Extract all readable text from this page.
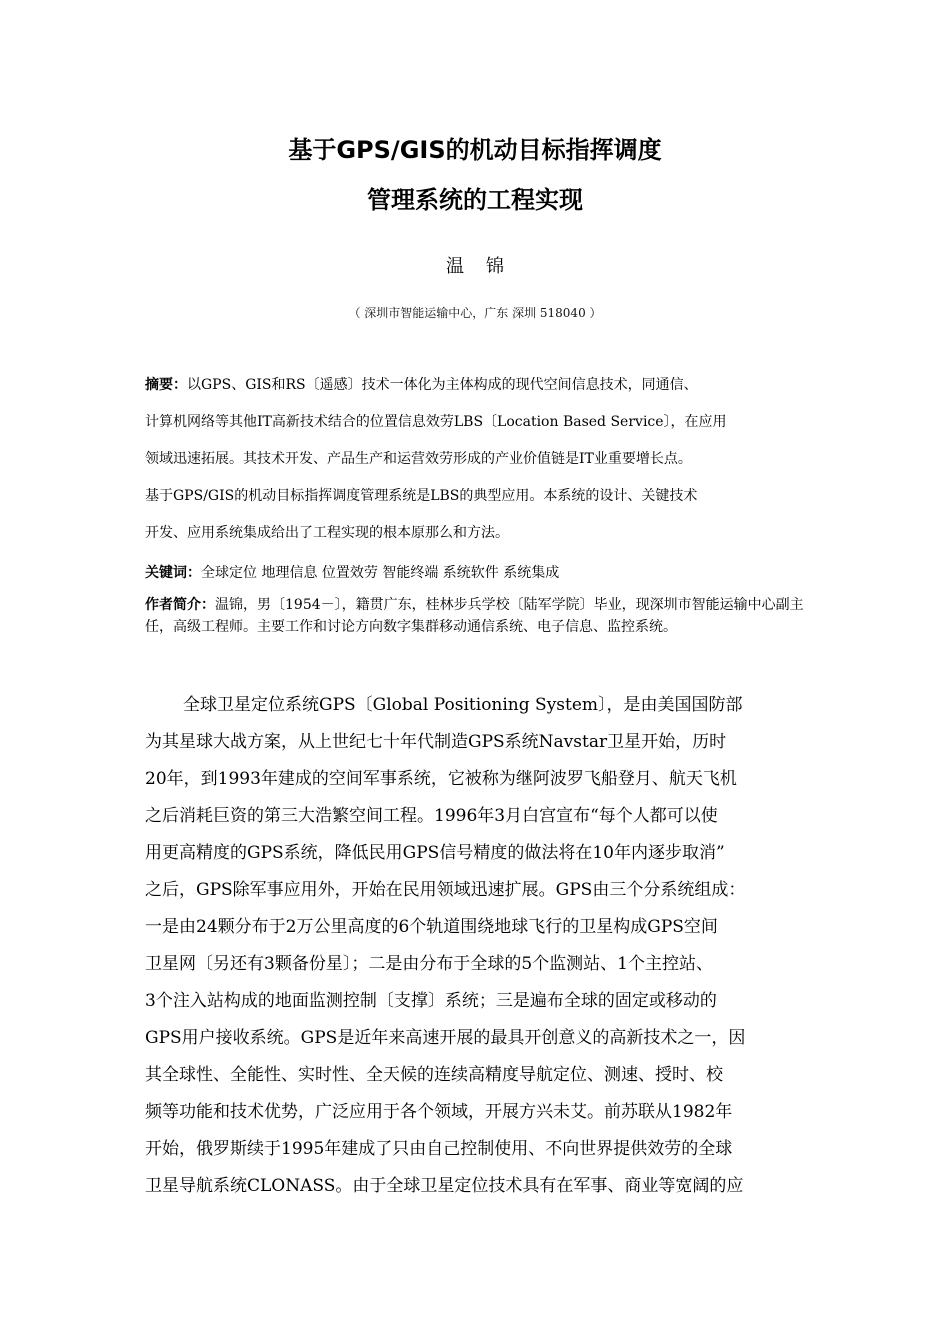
基于GPS/GIS的机动目标指挥调度
管理系统的工程实现
温锦
（ 深圳市智能运输中心，广东 深圳 518040 ）
摘要：以GPS、GIS和RS〔遥感〕技术一体化为主体构成的现代空间信息技术，同通信、
计算机网络等其他IT高新技术结合的位置信息效劳LBS〔Location Based Service〕，在应用
领域迅速拓展。其技术开发、产品生产和运营效劳形成的产业价值链是IT业重要增长点。
基于GPS/GIS的机动目标指挥调度管理系统是LBS的典型应用。本系统的设计、关键技术
开发、应用系统集成给出了工程实现的根本原那么和方法。
关键词：全球定位 地理信息 位置效劳 智能终端 系统软件 系统集成
作者简介：温锦，男〔1954－〕，籍贯广东，桂林步兵学校〔陆军学院〕毕业，现深圳市智能运输中心副主任，高级工程师。主要工作和讨论方向数字集群移动通信系统、电子信息、监控系统。
全球卫星定位系统GPS〔Global Positioning System〕，是由美国国防部
为其星球大战方案，从上世纪七十年代制造GPS系统Navstar卫星开始，历时
20年，到1993年建成的空间军事系统，它被称为继阿波罗飞船登月、航天飞机
之后消耗巨资的第三大浩繁空间工程。1996年3月白宫宣布“每个人都可以使
用更高精度的GPS系统，降低民用GPS信号精度的做法将在10年内逐步取消”
之后，GPS除军事应用外，开始在民用领域迅速扩展。GPS由三个分系统组成：
一是由24颗分布于2万公里高度的6个轨道围绕地球飞行的卫星构成GPS空间
卫星网〔另还有3颗备份星〕；二是由分布于全球的5个监测站、1个主控站、
3个注入站构成的地面监测控制〔支撑〕系统；三是遍布全球的固定或移动的
GPS用户接收系统。GPS是近年来高速开展的最具开创意义的高新技术之一，因
其全球性、全能性、实时性、全天候的连续高精度导航定位、测速、授时、校
频等功能和技术优势，广泛应用于各个领域，开展方兴未艾。前苏联从1982年
开始，俄罗斯续于1995年建成了只由自己控制使用、不向世界提供效劳的全球
卫星导航系统CLONASS。由于全球卫星定位技术具有在军事、商业等宽阔的应
